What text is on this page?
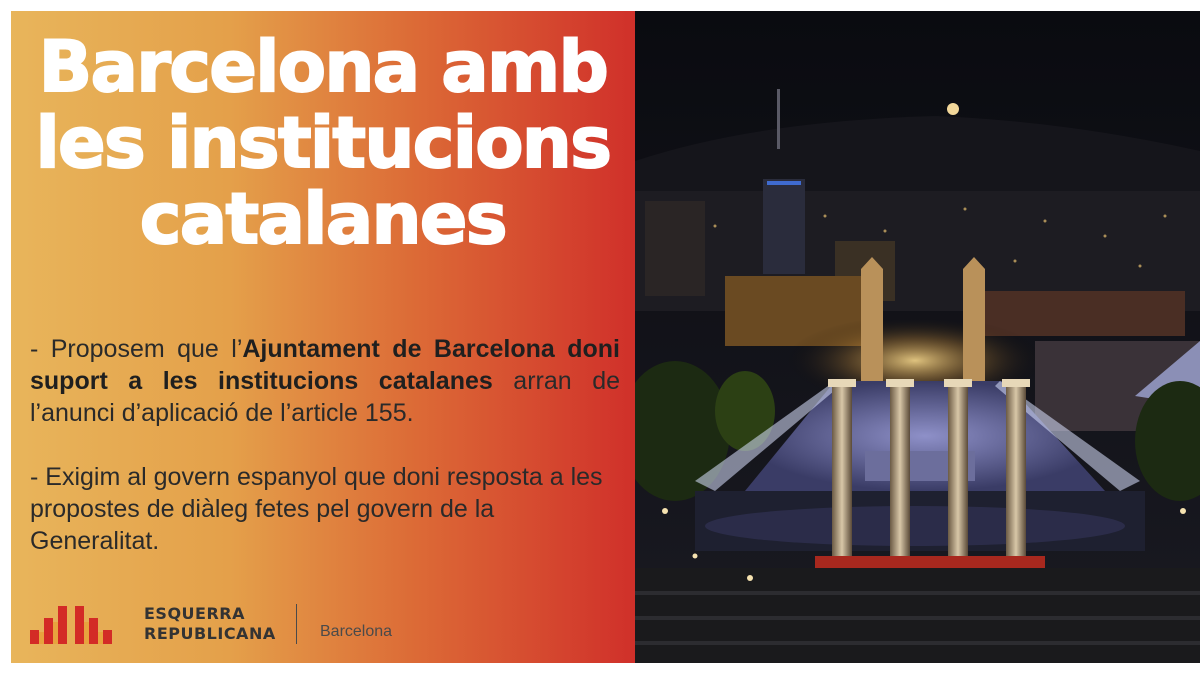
Barcelona amb
les institucions
catalanes

- Proposem que l’Ajuntament de Barcelona doni suport a les institucions catalanes arran de l’anunci d’aplicació de l’article 155.

- Exigim al govern espanyol que doni resposta a les propostes de diàleg fetes pel govern de la Generalitat.

ESQUERRA
REPUBLICANA	Barcelona
